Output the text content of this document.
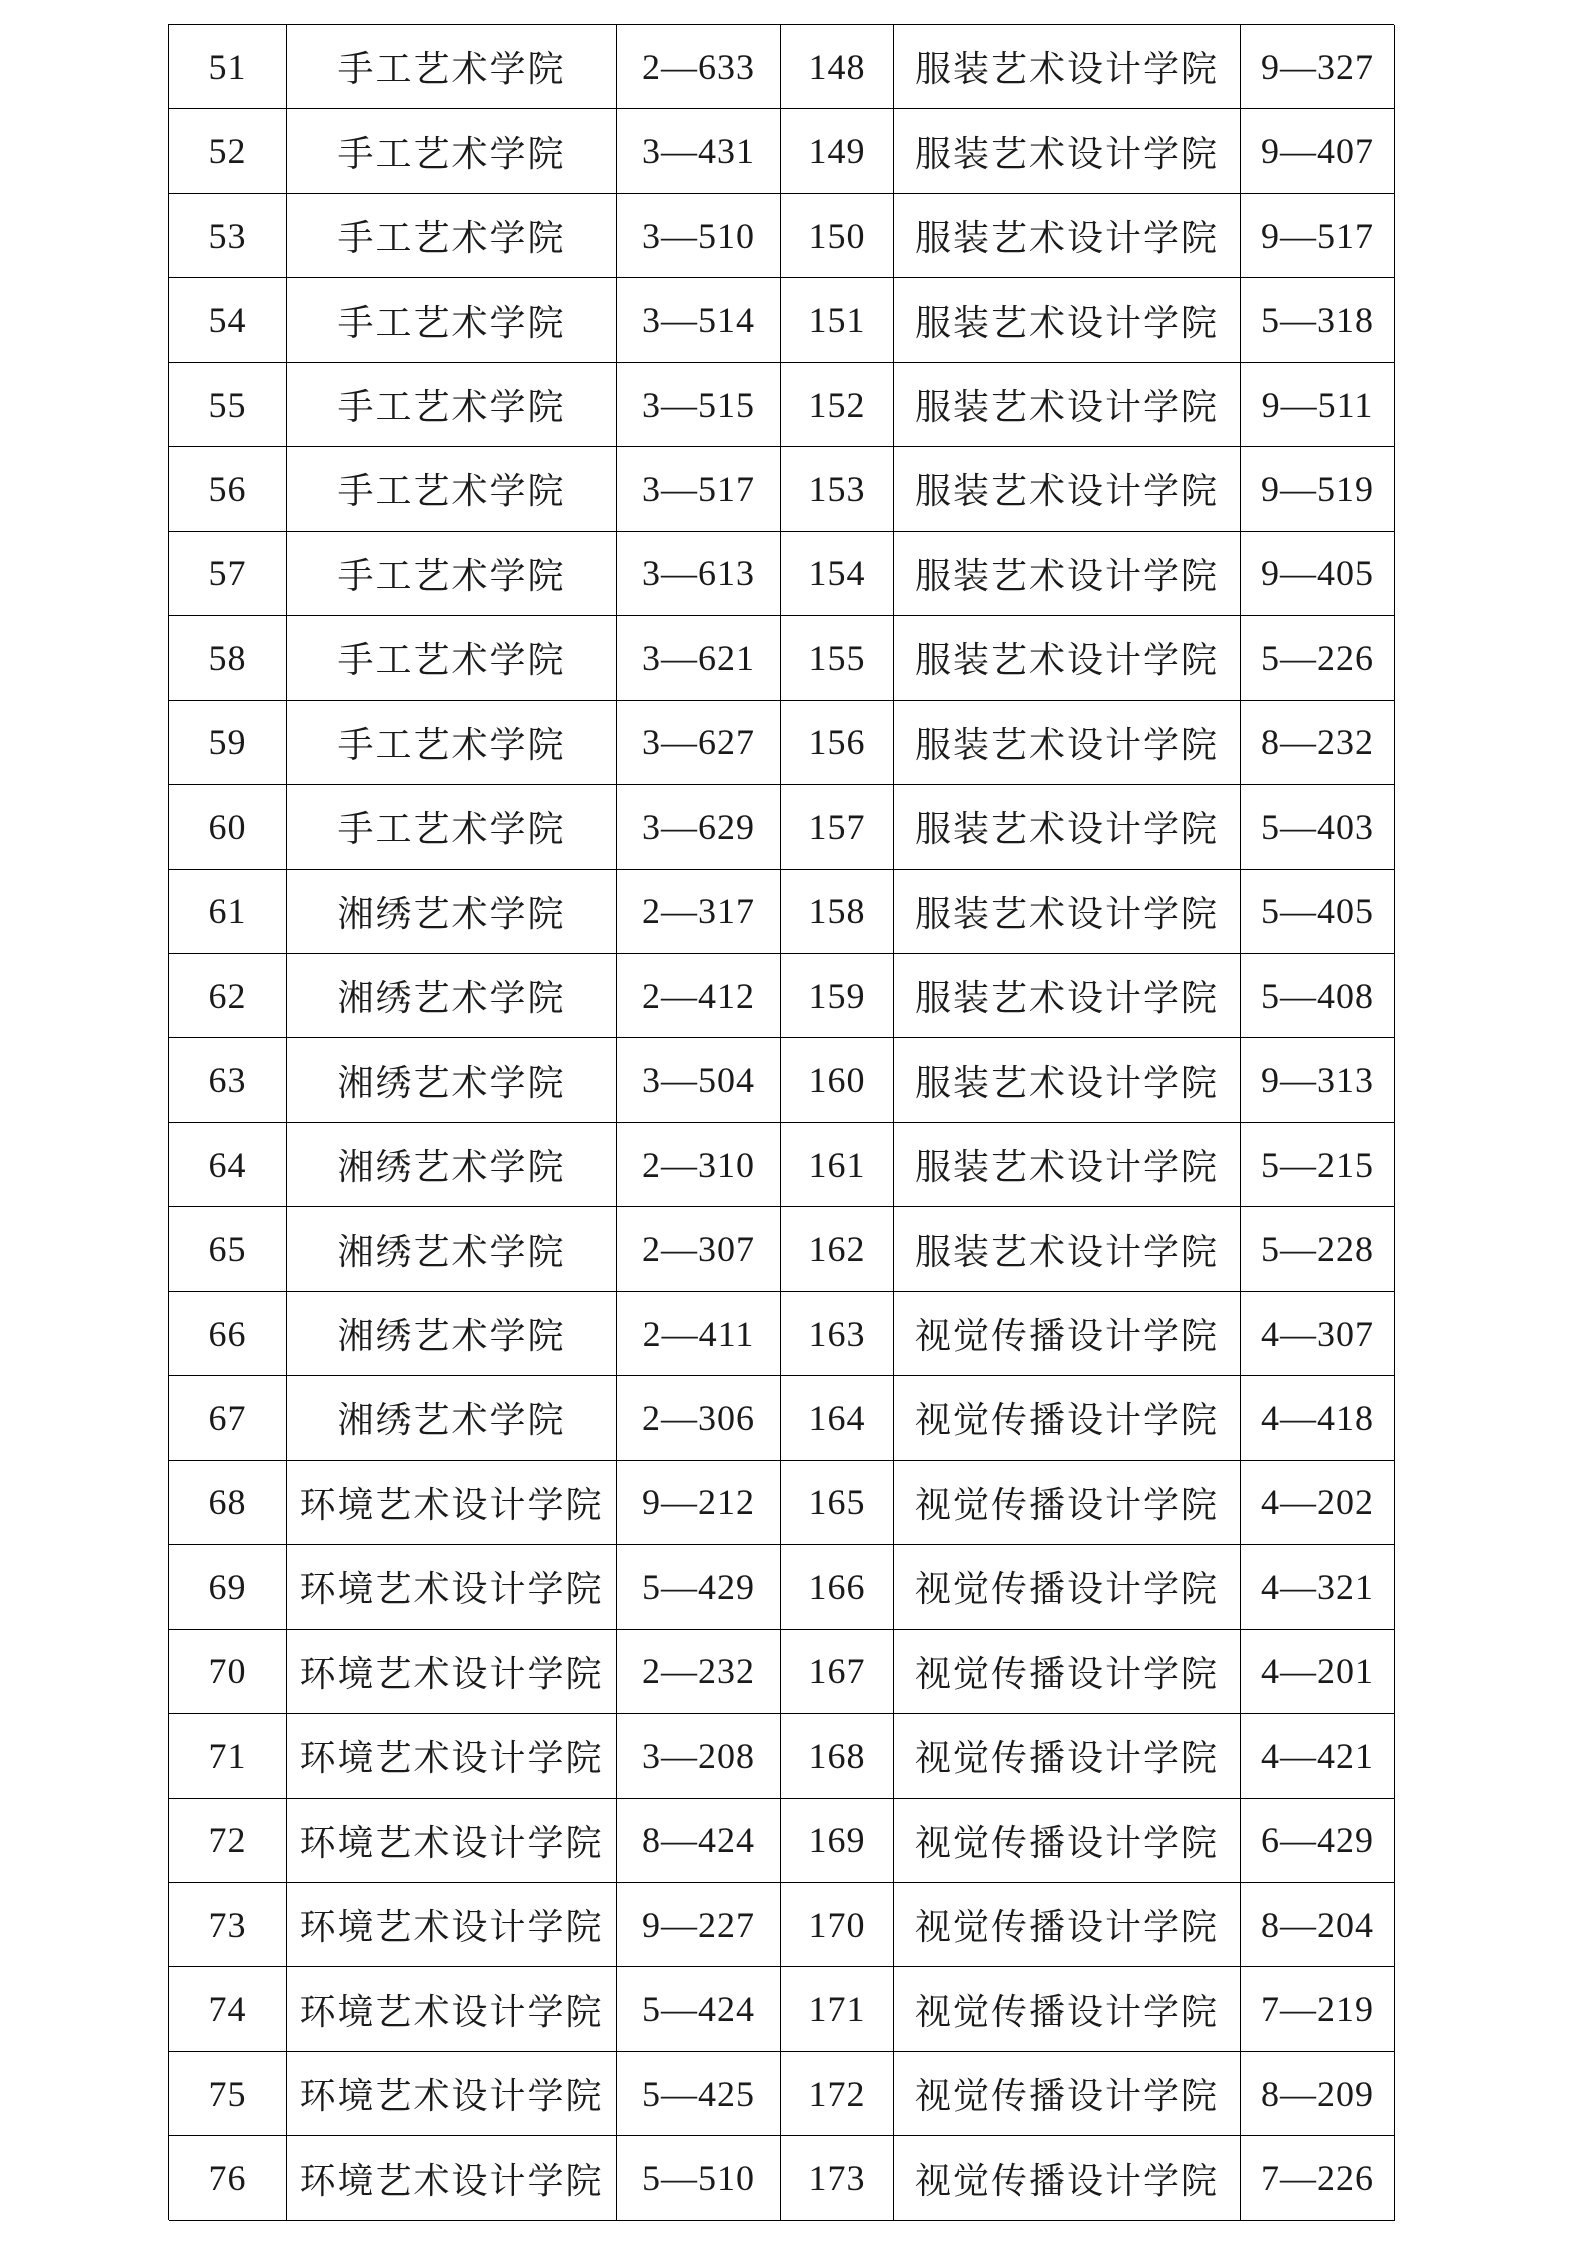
51	手工艺术学院	2—633	148	服装艺术设计学院	9—327
52	手工艺术学院	3—431	149	服装艺术设计学院	9—407
53	手工艺术学院	3—510	150	服装艺术设计学院	9—517
54	手工艺术学院	3—514	151	服装艺术设计学院	5—318
55	手工艺术学院	3—515	152	服装艺术设计学院	9—511
56	手工艺术学院	3—517	153	服装艺术设计学院	9—519
57	手工艺术学院	3—613	154	服装艺术设计学院	9—405
58	手工艺术学院	3—621	155	服装艺术设计学院	5—226
59	手工艺术学院	3—627	156	服装艺术设计学院	8—232
60	手工艺术学院	3—629	157	服装艺术设计学院	5—403
61	湘绣艺术学院	2—317	158	服装艺术设计学院	5—405
62	湘绣艺术学院	2—412	159	服装艺术设计学院	5—408
63	湘绣艺术学院	3—504	160	服装艺术设计学院	9—313
64	湘绣艺术学院	2—310	161	服装艺术设计学院	5—215
65	湘绣艺术学院	2—307	162	服装艺术设计学院	5—228
66	湘绣艺术学院	2—411	163	视觉传播设计学院	4—307
67	湘绣艺术学院	2—306	164	视觉传播设计学院	4—418
68	环境艺术设计学院	9—212	165	视觉传播设计学院	4—202
69	环境艺术设计学院	5—429	166	视觉传播设计学院	4—321
70	环境艺术设计学院	2—232	167	视觉传播设计学院	4—201
71	环境艺术设计学院	3—208	168	视觉传播设计学院	4—421
72	环境艺术设计学院	8—424	169	视觉传播设计学院	6—429
73	环境艺术设计学院	9—227	170	视觉传播设计学院	8—204
74	环境艺术设计学院	5—424	171	视觉传播设计学院	7—219
75	环境艺术设计学院	5—425	172	视觉传播设计学院	8—209
76	环境艺术设计学院	5—510	173	视觉传播设计学院	7—226
